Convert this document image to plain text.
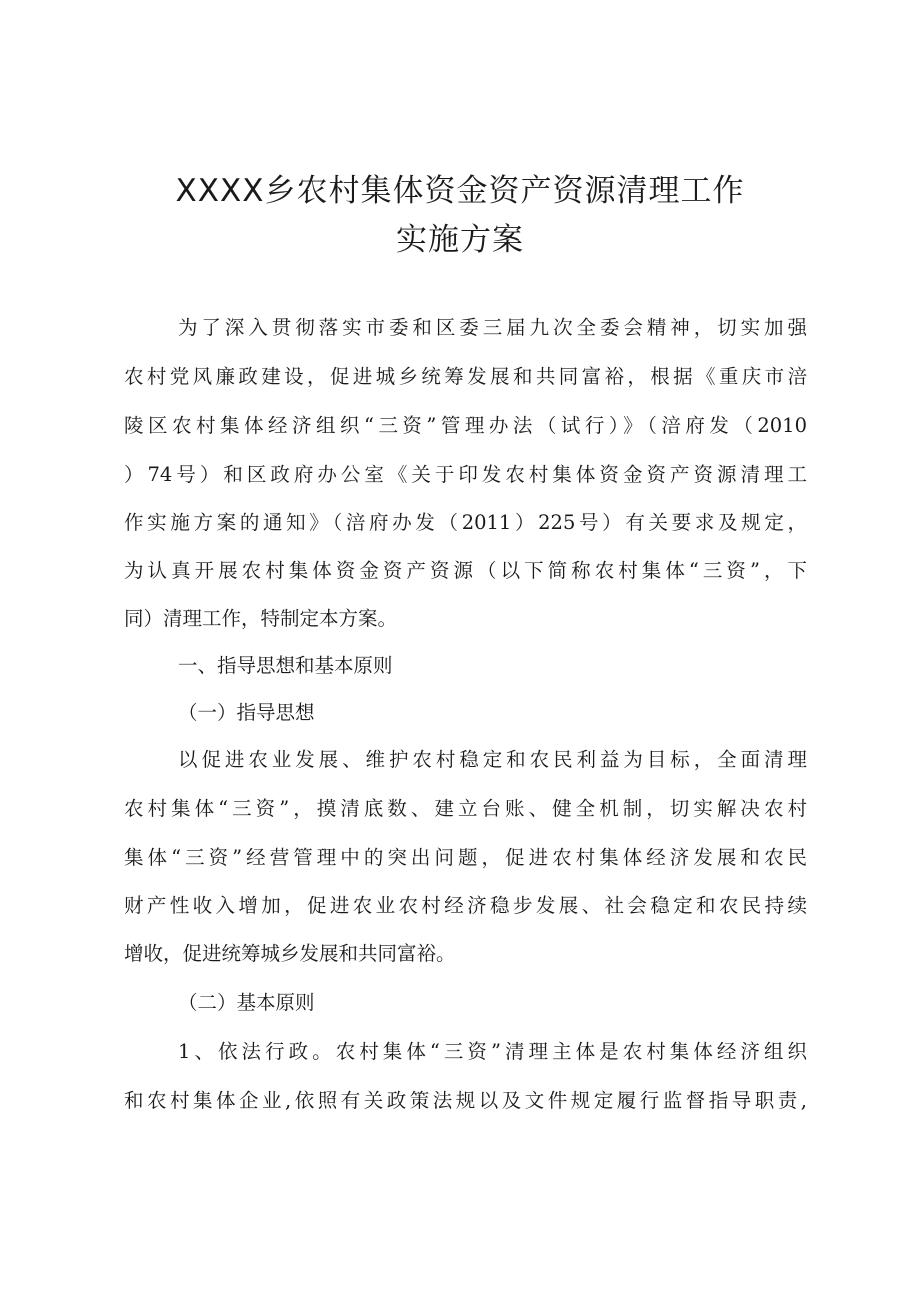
XXXX乡农村集体资金资产资源清理工作
实施方案

为了深入贯彻落实市委和区委三届九次全委会精神，切实加强

农村党风廉政建设，促进城乡统筹发展和共同富裕，根据《重庆市涪

陵区农村集体经济组织“三资”管理办法（试行）》（涪府发（2010

）74号）和区政府办公室《关于印发农村集体资金资产资源清理工

作实施方案的通知》（涪府办发（2011）225号）有关要求及规定，

为认真开展农村集体资金资产资源（以下简称农村集体“三资”，下

同）清理工作，特制定本方案。

一、指导思想和基本原则

（一）指导思想

以促进农业发展、维护农村稳定和农民利益为目标，全面清理

农村集体“三资”，摸清底数、建立台账、健全机制，切实解决农村

集体“三资”经营管理中的突出问题，促进农村集体经济发展和农民

财产性收入增加，促进农业农村经济稳步发展、社会稳定和农民持续

增收，促进统筹城乡发展和共同富裕。

（二）基本原则

1、依法行政。农村集体“三资”清理主体是农村集体经济组织

和农村集体企业,依照有关政策法规以及文件规定履行监督指导职责,
